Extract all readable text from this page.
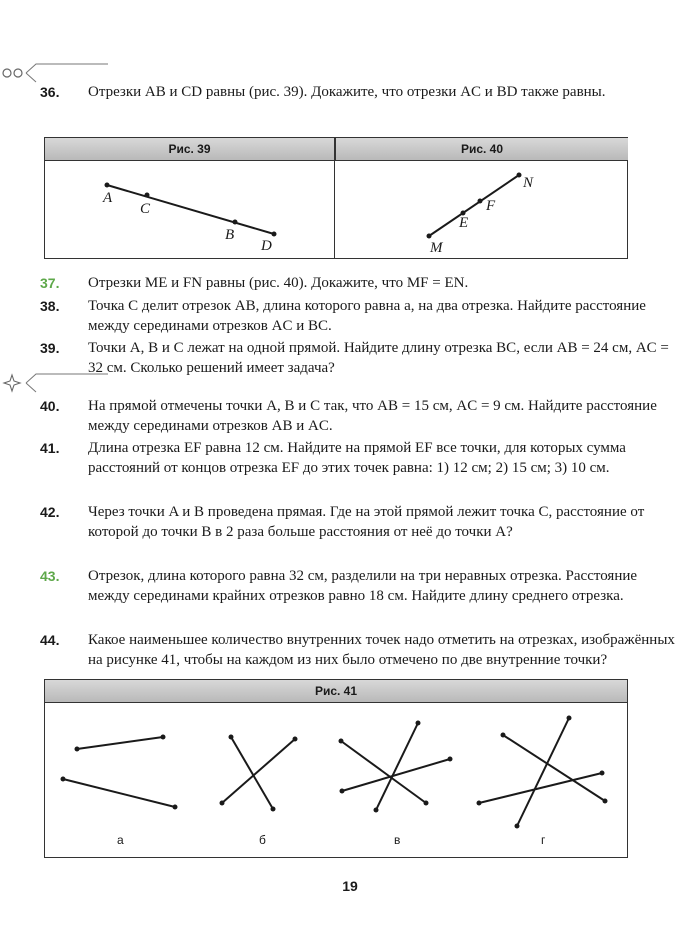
36. Отрезки AB и CD равны (рис. 39). Докажите, что отрезки AC и BD также равны.
Рис. 39	Рис. 40
A
C
B
D
N
F
E
M
37. Отрезки ME и FN равны (рис. 40). Докажите, что MF = EN.
38. Точка C делит отрезок AB, длина которого равна a, на два отрезка. Найдите расстояние между серединами отрезков AC и BC.
39. Точки A, B и C лежат на одной прямой. Найдите длину отрезка BC, если AB = 24 см, AC = 32 см. Сколько решений имеет задача?
40. На прямой отмечены точки A, B и C так, что AB = 15 см, AC = 9 см. Найдите расстояние между серединами отрезков AB и AC.
41. Длина отрезка EF равна 12 см. Найдите на прямой EF все точки, для которых сумма расстояний от концов отрезка EF до этих точек равна: 1) 12 см; 2) 15 см; 3) 10 см.
42. Через точки A и B проведена прямая. Где на этой прямой лежит точка C, расстояние от которой до точки B в 2 раза больше расстояния от неё до точки A?
43. Отрезок, длина которого равна 32 см, разделили на три неравных отрезка. Расстояние между серединами крайних отрезков равно 18 см. Найдите длину среднего отрезка.
44. Какое наименьшее количество внутренних точек надо отметить на отрезках, изображённых на рисунке 41, чтобы на каждом из них было отмечено по две внутренние точки?
Рис. 41
а	б	в	г
19
